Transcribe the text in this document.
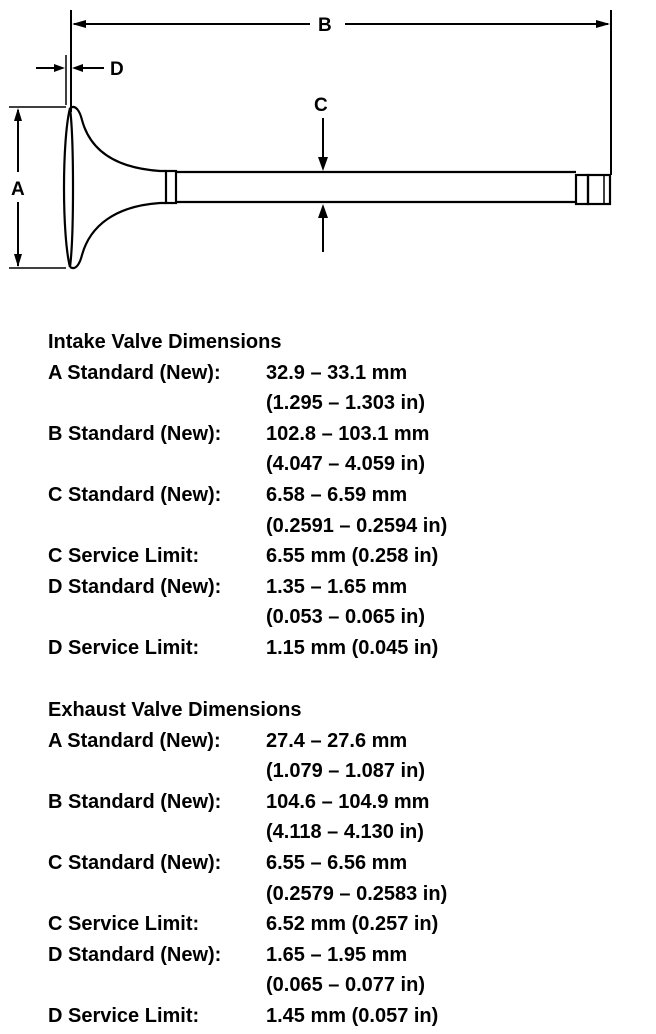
B
D
C
A
Intake Valve Dimensions
A Standard (New):	32.9 – 33.1 mm
(1.295 – 1.303 in)
B Standard (New):	102.8 – 103.1 mm
(4.047 – 4.059 in)
C Standard (New):	6.58 – 6.59 mm
(0.2591 – 0.2594 in)
C Service Limit:	6.55 mm (0.258 in)
D Standard (New):	1.35 – 1.65 mm
(0.053 – 0.065 in)
D Service Limit:	1.15 mm (0.045 in)
Exhaust Valve Dimensions
A Standard (New):	27.4 – 27.6 mm
(1.079 – 1.087 in)
B Standard (New):	104.6 – 104.9 mm
(4.118 – 4.130 in)
C Standard (New):	6.55 – 6.56 mm
(0.2579 – 0.2583 in)
C Service Limit:	6.52 mm (0.257 in)
D Standard (New):	1.65 – 1.95 mm
(0.065 – 0.077 in)
D Service Limit:	1.45 mm (0.057 in)
